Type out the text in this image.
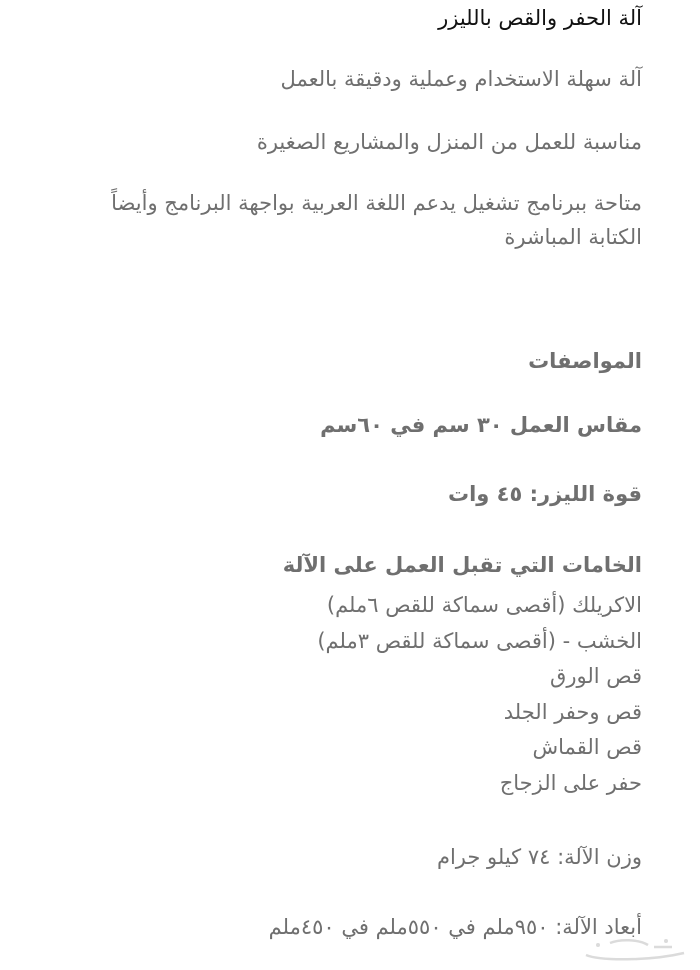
آلة الحفر والقص بالليزر

آلة سهلة الاستخدام وعملية ودقيقة بالعمل

مناسبة للعمل من المنزل والمشاريع الصغيرة

متاحة ببرنامج تشغيل يدعم اللغة العربية بواجهة البرنامج وأيضاً الكتابة المباشرة

المواصفات

مقاس العمل ٣٠ سم في ٦٠سم

قوة الليزر: ٤٥ وات

الخامات التي تقبل العمل على الآلة

الاكريلك (أقصى سماكة للقص ٦ملم)
الخشب - (أقصى سماكة للقص ٣ملم)
قص الورق
قص وحفر الجلد
قص القماش
حفر على الزجاج

وزن الآلة: ٧٤ كيلو جرام

أبعاد الآلة: ٩٥٠ملم في ٥٥٠ملم في ٤٥٠ملم
